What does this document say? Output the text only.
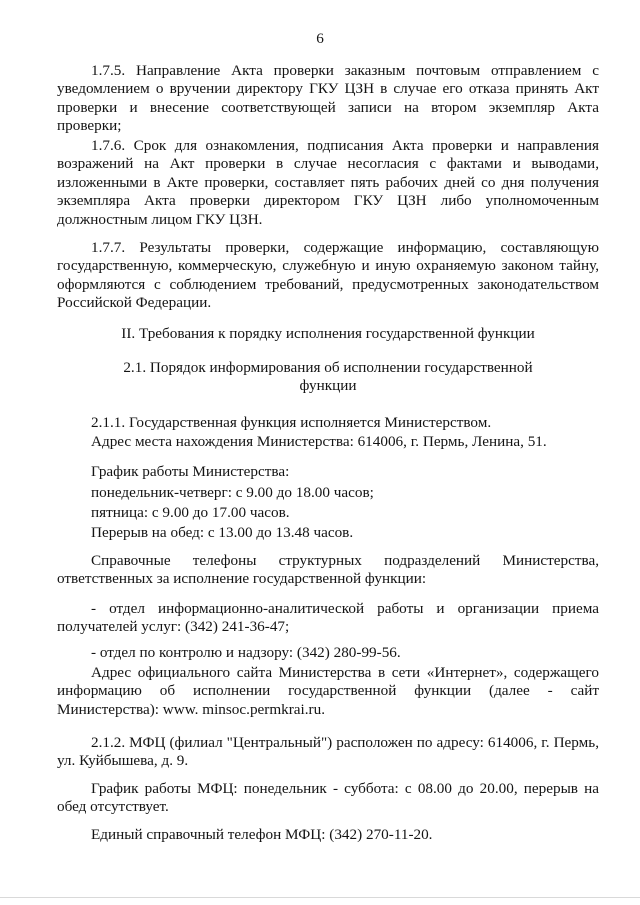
6

1.7.5. Направление Акта проверки заказным почтовым отправлением с уведомлением о вручении директору ГКУ ЦЗН в случае его отказа принять Акт проверки и внесение соответствующей записи на втором экземпляр Акта проверки;

1.7.6. Срок для ознакомления, подписания Акта проверки и направления возражений на Акт проверки в случае несогласия с фактами и выводами, изложенными в Акте проверки, составляет пять рабочих дней со дня получения экземпляра Акта проверки директором ГКУ ЦЗН либо уполномоченным должностным лицом ГКУ ЦЗН.

1.7.7. Результаты проверки, содержащие информацию, составляющую государственную, коммерческую, служебную и иную охраняемую законом тайну, оформляются с соблюдением требований, предусмотренных законодательством Российской Федерации.

II. Требования к порядку исполнения государственной функции

2.1. Порядок информирования об исполнении государственной функции

2.1.1. Государственная функция исполняется Министерством.

Адрес места нахождения Министерства: 614006, г. Пермь, Ленина, 51.

График работы Министерства:

понедельник-четверг: с 9.00 до 18.00 часов;

пятница: с 9.00 до 17.00 часов.

Перерыв на обед: с 13.00 до 13.48 часов.

Справочные телефоны структурных подразделений Министерства, ответственных за исполнение государственной функции:

- отдел информационно-аналитической работы и организации приема получателей услуг: (342) 241-36-47;

- отдел по контролю и надзору: (342) 280-99-56.

Адрес официального сайта Министерства в сети «Интернет», содержащего информацию об исполнении государственной функции (далее - сайт Министерства): www. minsoc.permkrai.ru.

2.1.2. МФЦ (филиал "Центральный") расположен по адресу: 614006, г. Пермь, ул. Куйбышева, д. 9.

График работы МФЦ: понедельник - суббота: с 08.00 до 20.00, перерыв на обед отсутствует.

Единый справочный телефон МФЦ: (342) 270-11-20.
